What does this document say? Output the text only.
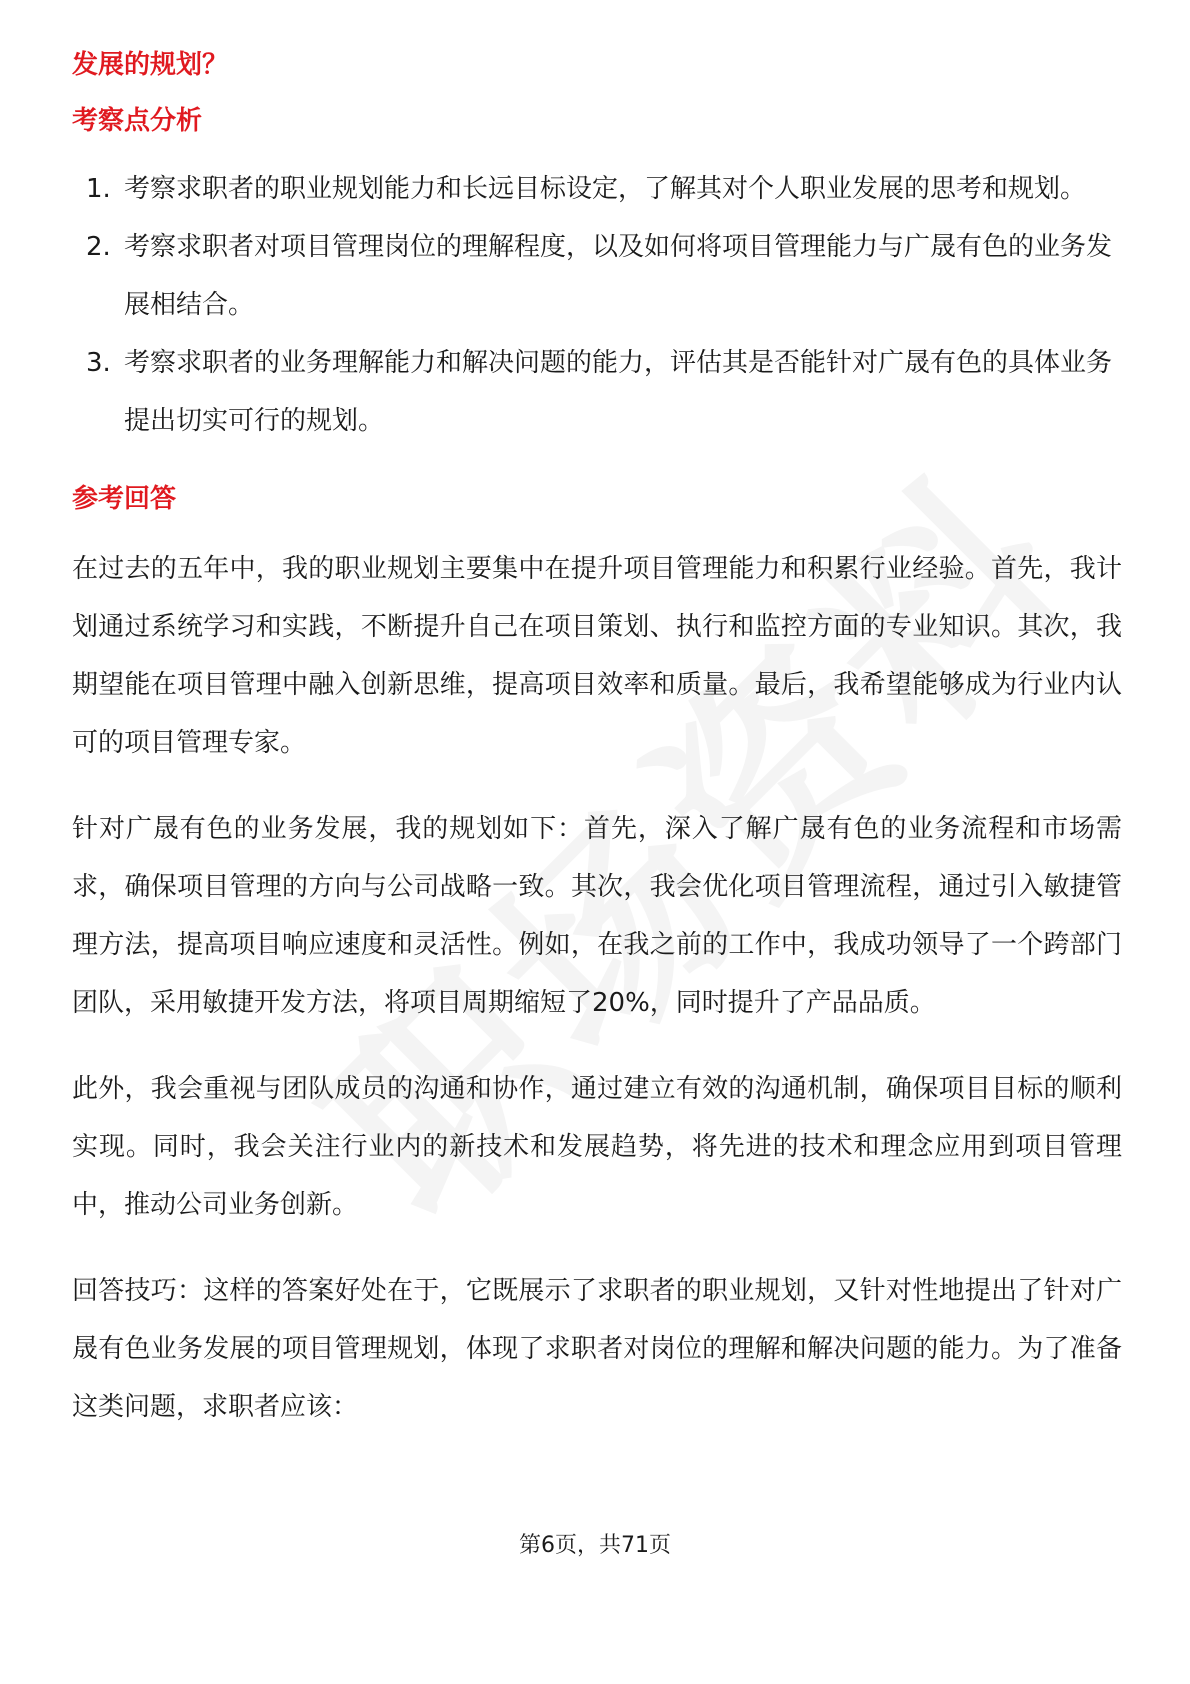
发展的规划？
考察点分析
1. 考察求职者的职业规划能力和长远目标设定，了解其对个人职业发展的思考和规划。
2. 考察求职者对项目管理岗位的理解程度，以及如何将项目管理能力与广晟有色的业务发展相结合。
3. 考察求职者的业务理解能力和解决问题的能力，评估其是否能针对广晟有色的具体业务提出切实可行的规划。
参考回答

在过去的五年中，我的职业规划主要集中在提升项目管理能力和积累行业经验。首先，我计划通过系统学习和实践，不断提升自己在项目策划、执行和监控方面的专业知识。其次，我期望能在项目管理中融入创新思维，提高项目效率和质量。最后，我希望能够成为行业内认可的项目管理专家。

针对广晟有色的业务发展，我的规划如下：首先，深入了解广晟有色的业务流程和市场需求，确保项目管理的方向与公司战略一致。其次，我会优化项目管理流程，通过引入敏捷管理方法，提高项目响应速度和灵活性。例如，在我之前的工作中，我成功领导了一个跨部门团队，采用敏捷开发方法，将项目周期缩短了20%，同时提升了产品品质。

此外，我会重视与团队成员的沟通和协作，通过建立有效的沟通机制，确保项目目标的顺利实现。同时，我会关注行业内的新技术和发展趋势，将先进的技术和理念应用到项目管理中，推动公司业务创新。

回答技巧：这样的答案好处在于，它既展示了求职者的职业规划，又针对性地提出了针对广晟有色业务发展的项目管理规划，体现了求职者对岗位的理解和解决问题的能力。为了准备这类问题，求职者应该：

第6页，共71页
